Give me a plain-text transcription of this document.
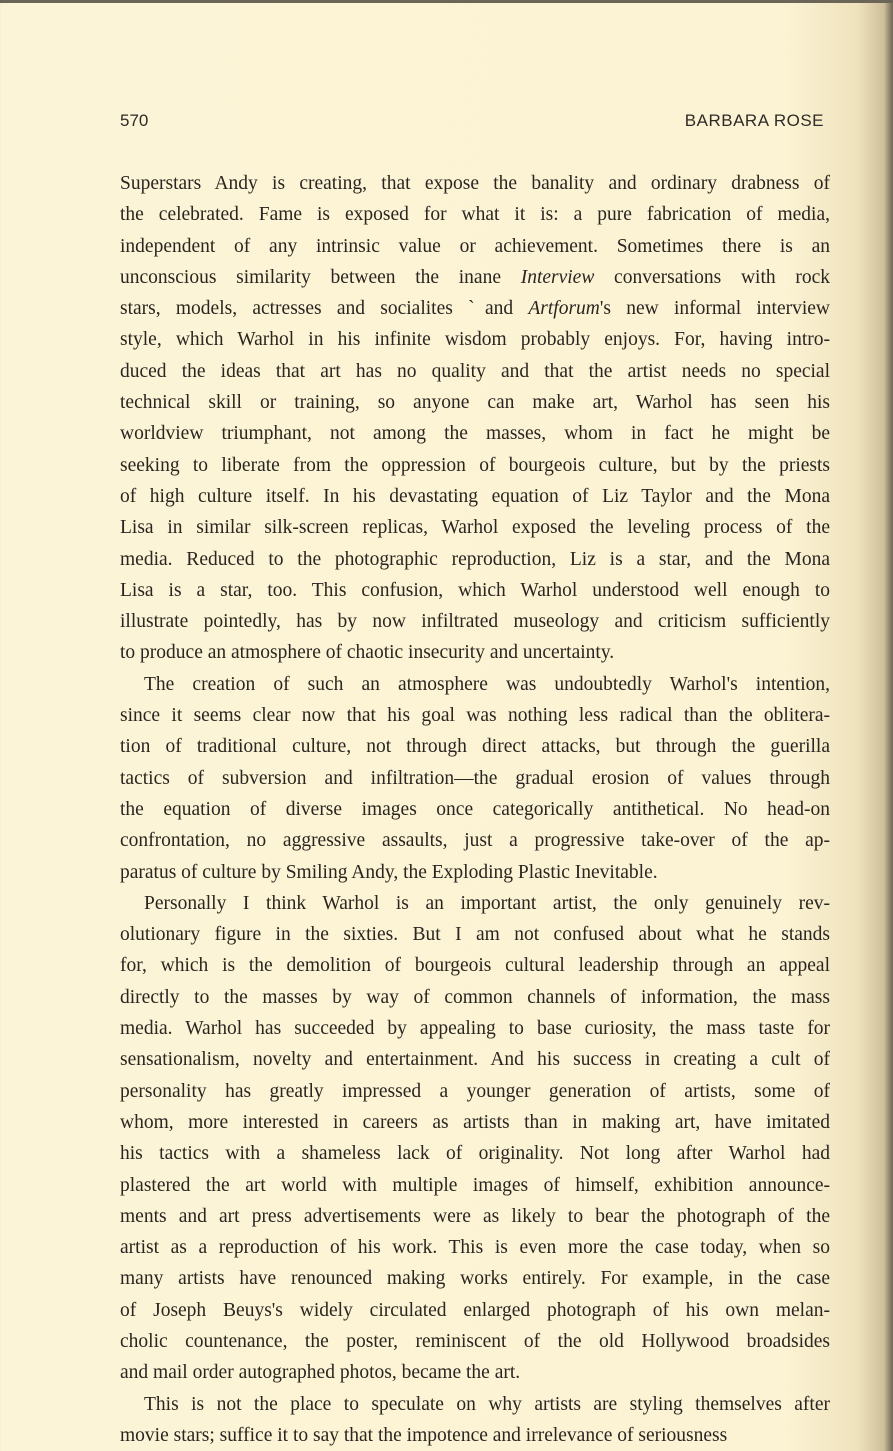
570	BARBARA ROSE
Superstars Andy is creating, that expose the banality and ordinary drabness of
the celebrated. Fame is exposed for what it is: a pure fabrication of media,
independent of any intrinsic value or achievement. Sometimes there is an
unconscious similarity between the inane Interview conversations with rock
stars, models, actresses and socialites ˋand Artforum's new informal interview
style, which Warhol in his infinite wisdom probably enjoys. For, having intro-
duced the ideas that art has no quality and that the artist needs no special
technical skill or training, so anyone can make art, Warhol has seen his
worldview triumphant, not among the masses, whom in fact he might be
seeking to liberate from the oppression of bourgeois culture, but by the priests
of high culture itself. In his devastating equation of Liz Taylor and the Mona
Lisa in similar silk-screen replicas, Warhol exposed the leveling process of the
media. Reduced to the photographic reproduction, Liz is a star, and the Mona
Lisa is a star, too. This confusion, which Warhol understood well enough to
illustrate pointedly, has by now infiltrated museology and criticism sufficiently
to produce an atmosphere of chaotic insecurity and uncertainty.
The creation of such an atmosphere was undoubtedly Warhol's intention,
since it seems clear now that his goal was nothing less radical than the oblitera-
tion of traditional culture, not through direct attacks, but through the guerilla
tactics of subversion and infiltration—the gradual erosion of values through
the equation of diverse images once categorically antithetical. No head-on
confrontation, no aggressive assaults, just a progressive take-over of the ap-
paratus of culture by Smiling Andy, the Exploding Plastic Inevitable.
Personally I think Warhol is an important artist, the only genuinely rev-
olutionary figure in the sixties. But I am not confused about what he stands
for, which is the demolition of bourgeois cultural leadership through an appeal
directly to the masses by way of common channels of information, the mass
media. Warhol has succeeded by appealing to base curiosity, the mass taste for
sensationalism, novelty and entertainment. And his success in creating a cult of
personality has greatly impressed a younger generation of artists, some of
whom, more interested in careers as artists than in making art, have imitated
his tactics with a shameless lack of originality. Not long after Warhol had
plastered the art world with multiple images of himself, exhibition announce-
ments and art press advertisements were as likely to bear the photograph of the
artist as a reproduction of his work. This is even more the case today, when so
many artists have renounced making works entirely. For example, in the case
of Joseph Beuys's widely circulated enlarged photograph of his own melan-
cholic countenance, the poster, reminiscent of the old Hollywood broadsides
and mail order autographed photos, became the art.
This is not the place to speculate on why artists are styling themselves after
movie stars; suffice it to say that the impotence and irrelevance of seriousness
